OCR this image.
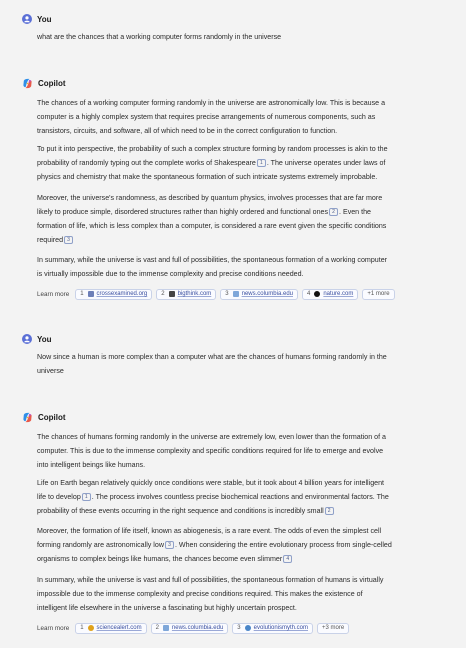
You
what are the chances that a working computer forms randomly in the universe
Copilot
The chances of a working computer forming randomly in the universe are astronomically low. This is because a
computer is a highly complex system that requires precise arrangements of numerous components, such as
transistors, circuits, and software, all of which need to be in the correct configuration to function.
To put it into perspective, the probability of such a complex structure forming by random processes is akin to the
probability of randomly typing out the complete works of Shakespeare 1 . The universe operates under laws of
physics and chemistry that make the spontaneous formation of such intricate systems extremely improbable.
Moreover, the universe's randomness, as described by quantum physics, involves processes that are far more
likely to produce simple, disordered structures rather than highly ordered and functional ones 2 . Even the
formation of life, which is less complex than a computer, is considered a rare event given the specific conditions
required 3
In summary, while the universe is vast and full of possibilities, the spontaneous formation of a working computer
is virtually impossible due to the immense complexity and precise conditions needed.
Learn more 1 crossexamined.org 2 bigthink.com 3 news.columbia.edu 4 nature.com	+1 more
You
Now since a human is more complex than a computer what are the chances of humans forming randomly in the
universe
Copilot
The chances of humans forming randomly in the universe are extremely low, even lower than the formation of a
computer. This is due to the immense complexity and specific conditions required for life to emerge and evolve
into intelligent beings like humans.
Life on Earth began relatively quickly once conditions were stable, but it took about 4 billion years for intelligent
life to develop 1 . The process involves countless precise biochemical reactions and environmental factors. The
probability of these events occurring in the right sequence and conditions is incredibly small 2
Moreover, the formation of life itself, known as abiogenesis, is a rare event. The odds of even the simplest cell
forming randomly are astronomically low 3 . When considering the entire evolutionary process from single-celled
organisms to complex beings like humans, the chances become even slimmer 4
In summary, while the universe is vast and full of possibilities, the spontaneous formation of humans is virtually
impossible due to the immense complexity and precise conditions required. This makes the existence of
intelligent life elsewhere in the universe a fascinating but highly uncertain prospect.
Learn more 1 sciencealert.com 2 news.columbia.edu 3 evolutionismyth.com	+3 more
